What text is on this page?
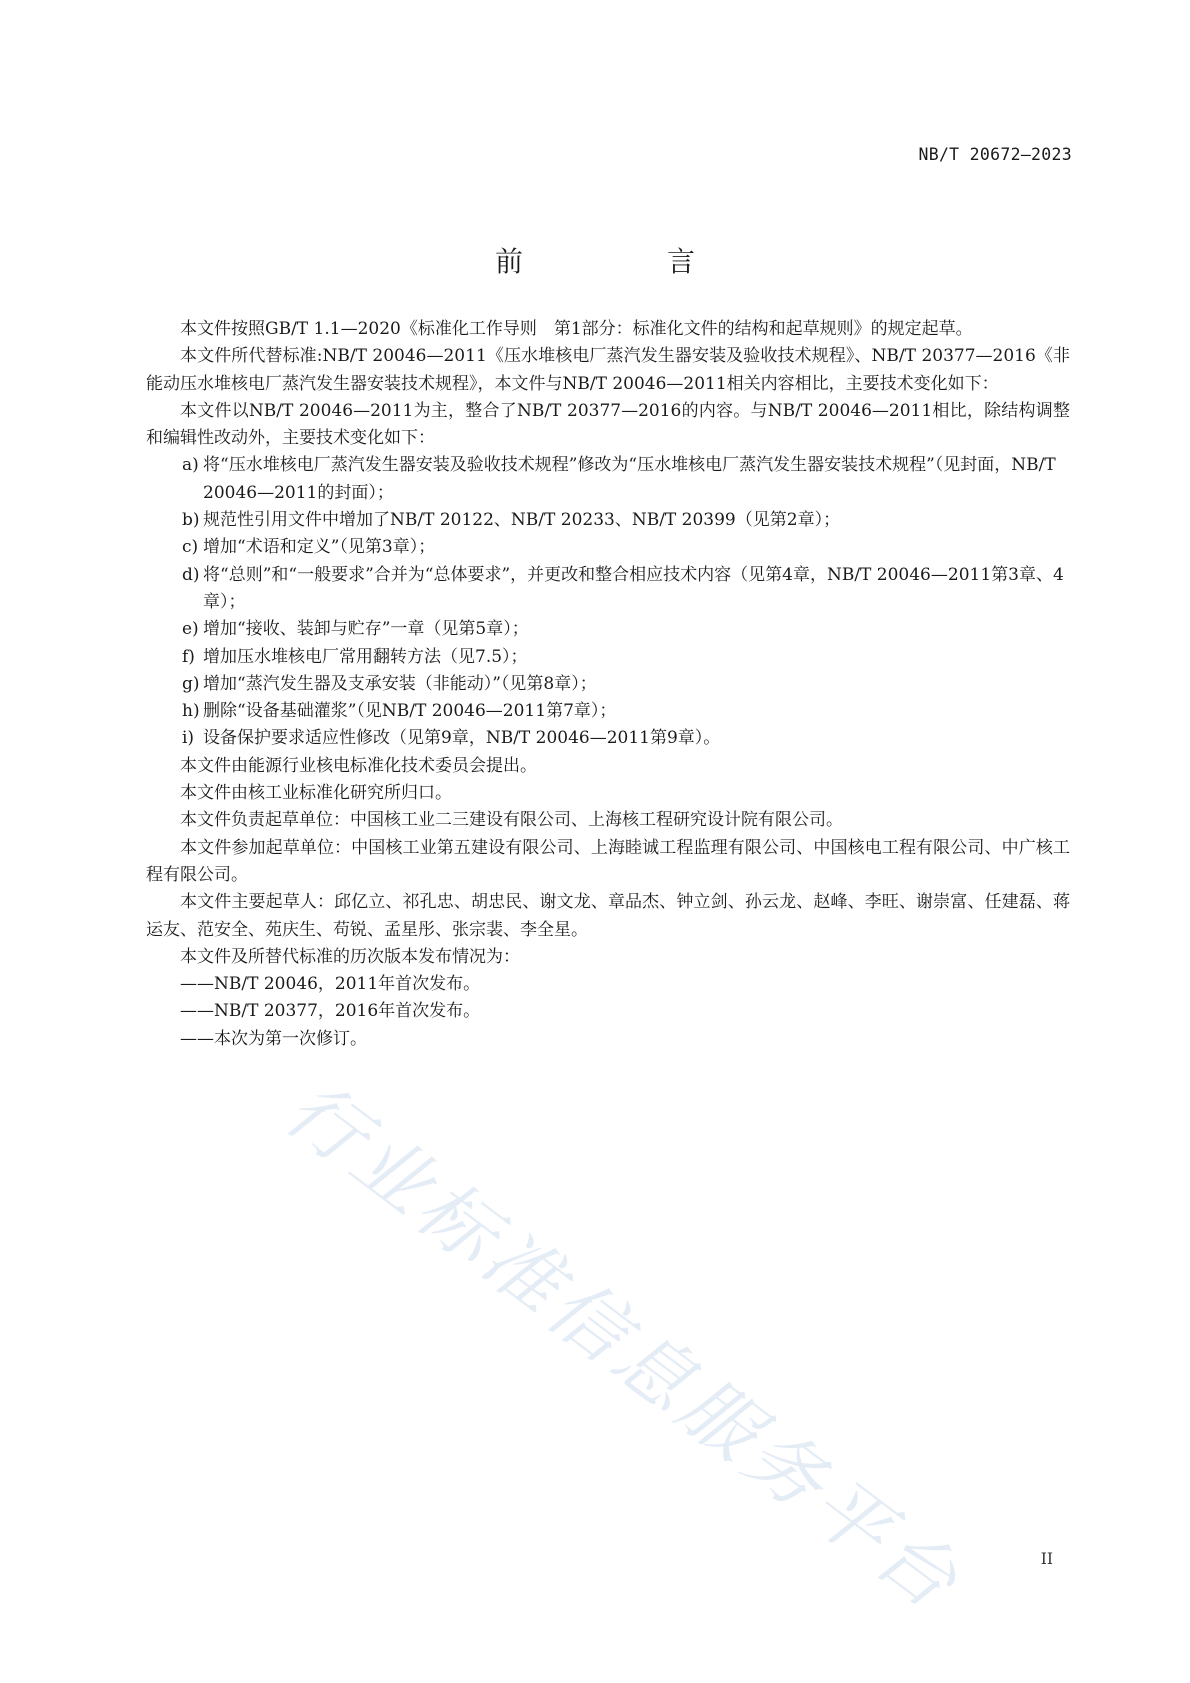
NB/T 20672—2023
前　言

本文件按照GB/T 1.1—2020《标准化工作导则　第1部分：标准化文件的结构和起草规则》的规定起草。

本文件所代替标准:NB/T 20046—2011《压水堆核电厂蒸汽发生器安装及验收技术规程》、NB/T 20377—2016《非能动压水堆核电厂蒸汽发生器安装技术规程》，本文件与NB/T 20046—2011相关内容相比，主要技术变化如下：

本文件以NB/T 20046—2011为主，整合了NB/T 20377—2016的内容。与NB/T 20046—2011相比，除结构调整和编辑性改动外，主要技术变化如下：

a) 将“压水堆核电厂蒸汽发生器安装及验收技术规程”修改为“压水堆核电厂蒸汽发生器安装技术规程”（见封面，NB/T 20046—2011的封面）；
b) 规范性引用文件中增加了NB/T 20122、NB/T 20233、NB/T 20399（见第2章）；
c) 增加“术语和定义”（见第3章）；
d) 将“总则”和“一般要求”合并为“总体要求”，并更改和整合相应技术内容（见第4章，NB/T 20046—2011第3章、4章）；
e) 增加“接收、装卸与贮存”一章（见第5章）；
f) 增加压水堆核电厂常用翻转方法（见7.5）；
g) 增加“蒸汽发生器及支承安装（非能动）”（见第8章）；
h) 删除“设备基础灌浆”（见NB/T 20046—2011第7章）；
i) 设备保护要求适应性修改（见第9章，NB/T 20046—2011第9章）。

本文件由能源行业核电标准化技术委员会提出。

本文件由核工业标准化研究所归口。

本文件负责起草单位：中国核工业二三建设有限公司、上海核工程研究设计院有限公司。

本文件参加起草单位：中国核工业第五建设有限公司、上海睦诚工程监理有限公司、中国核电工程有限公司、中广核工程有限公司。

本文件主要起草人：邱亿立、祁孔忠、胡忠民、谢文龙、章品杰、钟立剑、孙云龙、赵峰、李旺、谢崇富、任建磊、蒋运友、范安全、苑庆生、苟锐、孟星彤、张宗裴、李全星。

本文件及所替代标准的历次版本发布情况为：

——NB/T 20046，2011年首次发布。

——NB/T 20377，2016年首次发布。

——本次为第一次修订。

行业标准信息服务平台	II
